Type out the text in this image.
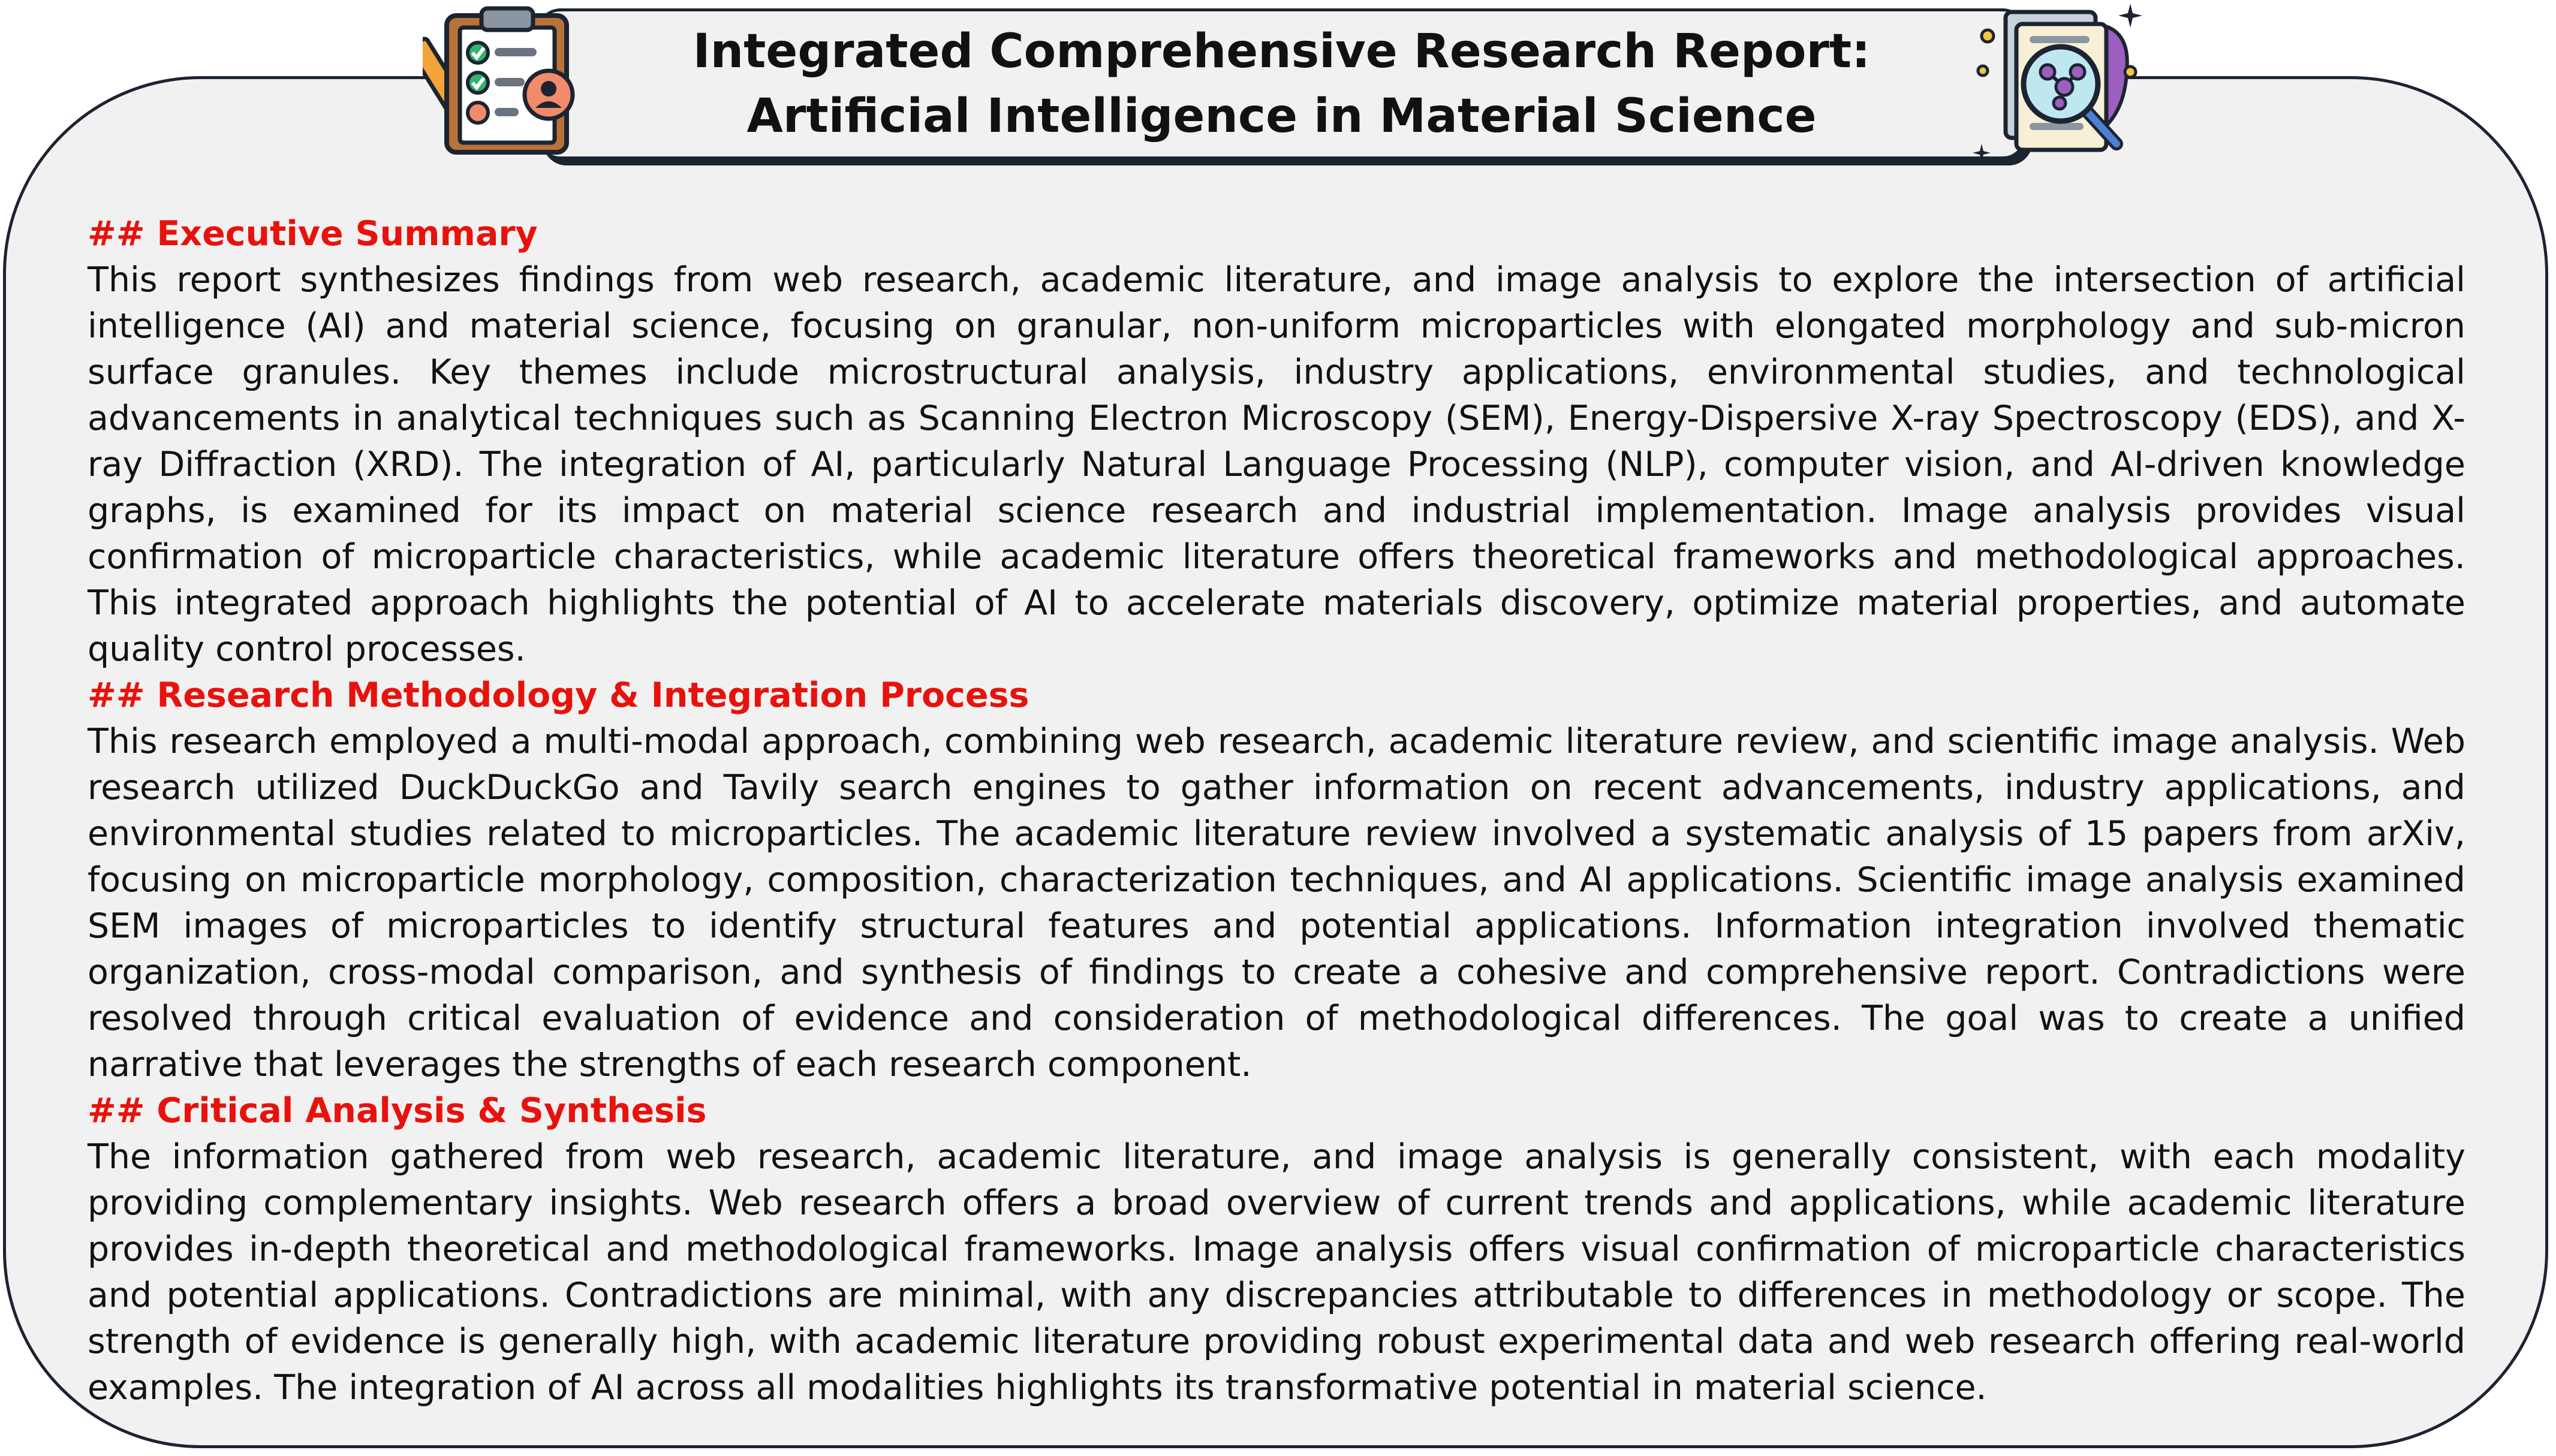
Integrated Comprehensive Research Report: Artificial Intelligence in Material Science

## Executive Summary

This report synthesizes findings from web research, academic literature, and image analysis to explore the intersection of artificial intelligence (AI) and material science, focusing on granular, non-uniform microparticles with elongated morphology and sub-micron surface granules. Key themes include microstructural analysis, industry applications, environmental studies, and technological advancements in analytical techniques such as Scanning Electron Microscopy (SEM), Energy-Dispersive X-ray Spectroscopy (EDS), and X-ray Diffraction (XRD). The integration of AI, particularly Natural Language Processing (NLP), computer vision, and AI-driven knowledge graphs, is examined for its impact on material science research and industrial implementation. Image analysis provides visual confirmation of microparticle characteristics, while academic literature offers theoretical frameworks and methodological approaches. This integrated approach highlights the potential of AI to accelerate materials discovery, optimize material properties, and automate quality control processes.

## Research Methodology & Integration Process

This research employed a multi-modal approach, combining web research, academic literature review, and scientific image analysis. Web research utilized DuckDuckGo and Tavily search engines to gather information on recent advancements, industry applications, and environmental studies related to microparticles. The academic literature review involved a systematic analysis of 15 papers from arXiv, focusing on microparticle morphology, composition, characterization techniques, and AI applications. Scientific image analysis examined SEM images of microparticles to identify structural features and potential applications. Information integration involved thematic organization, cross-modal comparison, and synthesis of findings to create a cohesive and comprehensive report. Contradictions were resolved through critical evaluation of evidence and consideration of methodological differences. The goal was to create a unified narrative that leverages the strengths of each research component.

## Critical Analysis & Synthesis

The information gathered from web research, academic literature, and image analysis is generally consistent, with each modality providing complementary insights. Web research offers a broad overview of current trends and applications, while academic literature provides in-depth theoretical and methodological frameworks. Image analysis offers visual confirmation of microparticle characteristics and potential applications. Contradictions are minimal, with any discrepancies attributable to differences in methodology or scope. The strength of evidence is generally high, with academic literature providing robust experimental data and web research offering real-world examples. The integration of AI across all modalities highlights its transformative potential in material science.
